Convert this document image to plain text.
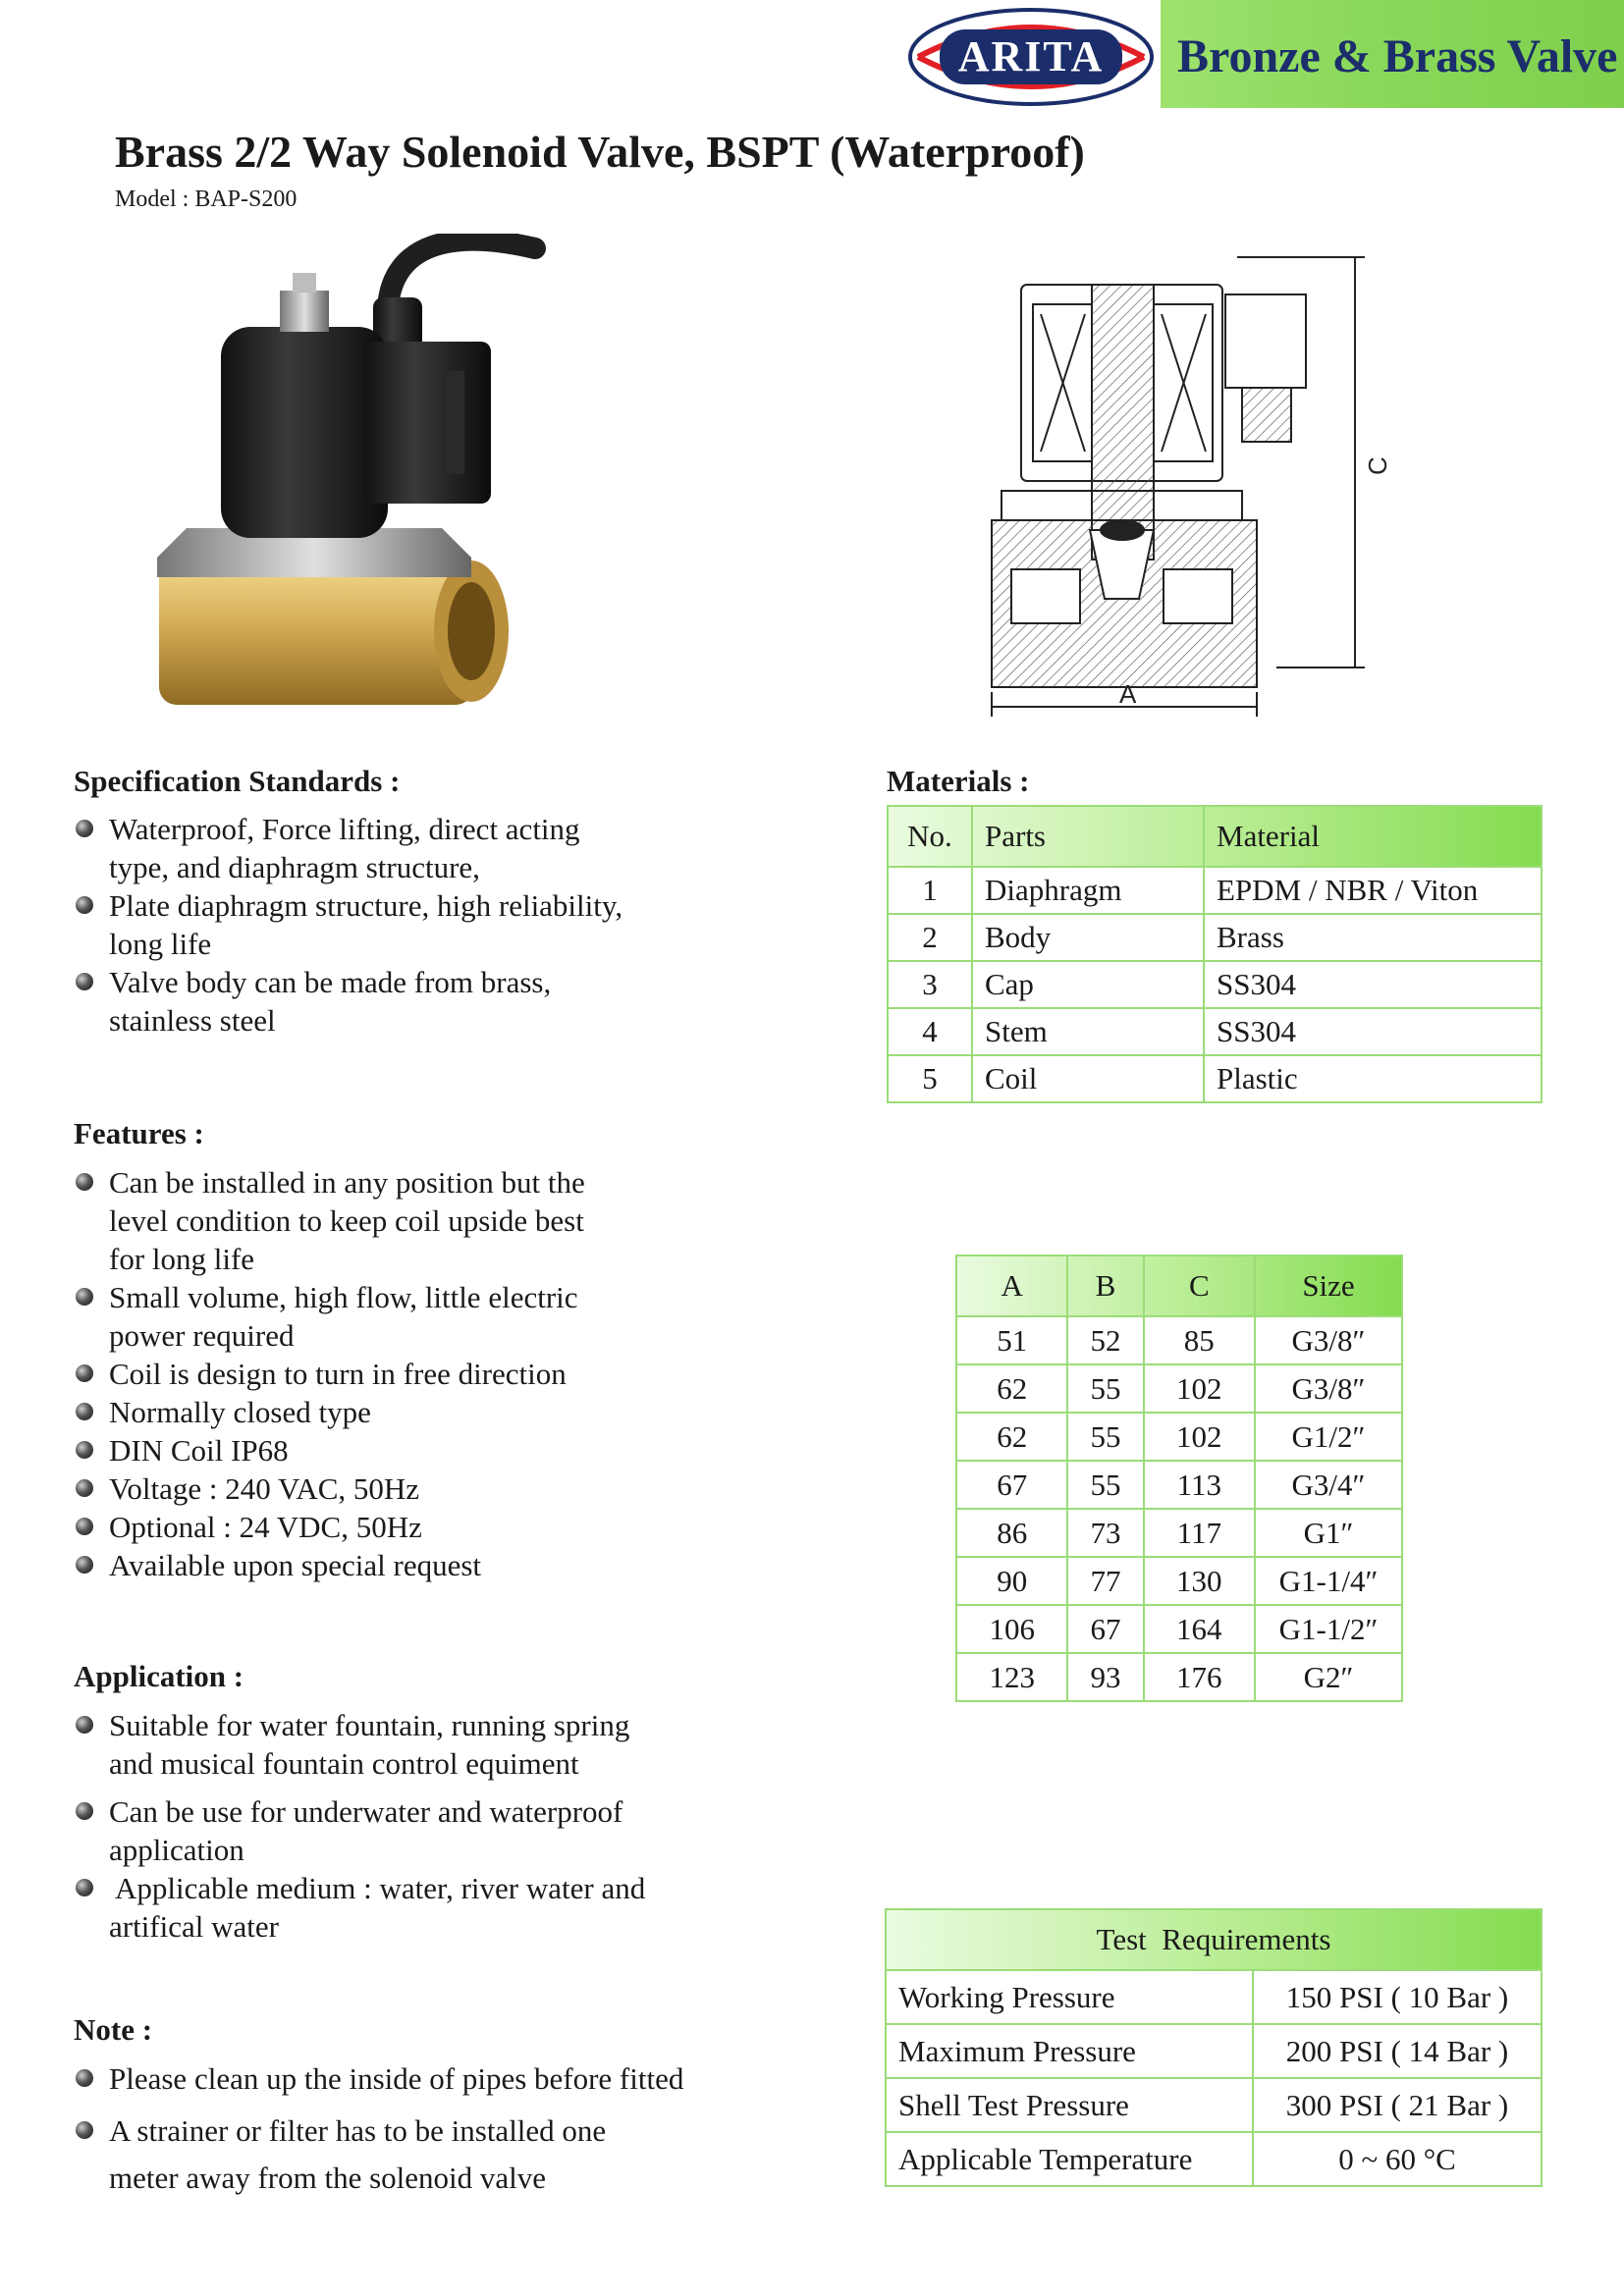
ARITA	Bronze & Brass Valve
Brass 2/2 Way Solenoid Valve, BSPT (Waterproof)
Model : BAP-S200
A
C
Specification Standards :
Waterproof, Force lifting, direct acting
type, and diaphragm structure,
Plate diaphragm structure, high reliability,
long life
Valve body can be made from brass,
stainless steel
Features :
Can be installed in any position but the
level condition to keep coil upside best
for long life
Small volume, high flow, little electric
power required
Coil is design to turn in free direction
Normally closed type
DIN Coil IP68
Voltage : 240 VAC, 50Hz
Optional : 24 VDC, 50Hz
Available upon special request
Application :
Suitable for water fountain, running spring
and musical fountain control equiment
Can be use for underwater and waterproof
application
Applicable medium : water, river water and
artifical water
Note :
Please clean up the inside of pipes before fitted
A strainer or filter has to be installed one
meter away from the solenoid valve
Materials :
No.	Parts	Material
1	Diaphragm	EPDM / NBR / Viton
2	Body	Brass
3	Cap	SS304
4	Stem	SS304
5	Coil	Plastic
A	B	C	Size
51	52	85	G3/8″
62	55	102	G3/8″
62	55	102	G1/2″
67	55	113	G3/4″
86	73	117	G1″
90	77	130	G1-1/4″
106	67	164	G1-1/2″
123	93	176	G2″
Test  Requirements	
Working Pressure	150 PSI ( 10 Bar )
Maximum Pressure	200 PSI ( 14 Bar )
Shell Test Pressure	300 PSI ( 21 Bar )
Applicable Temperature	0 ~ 60 °C
